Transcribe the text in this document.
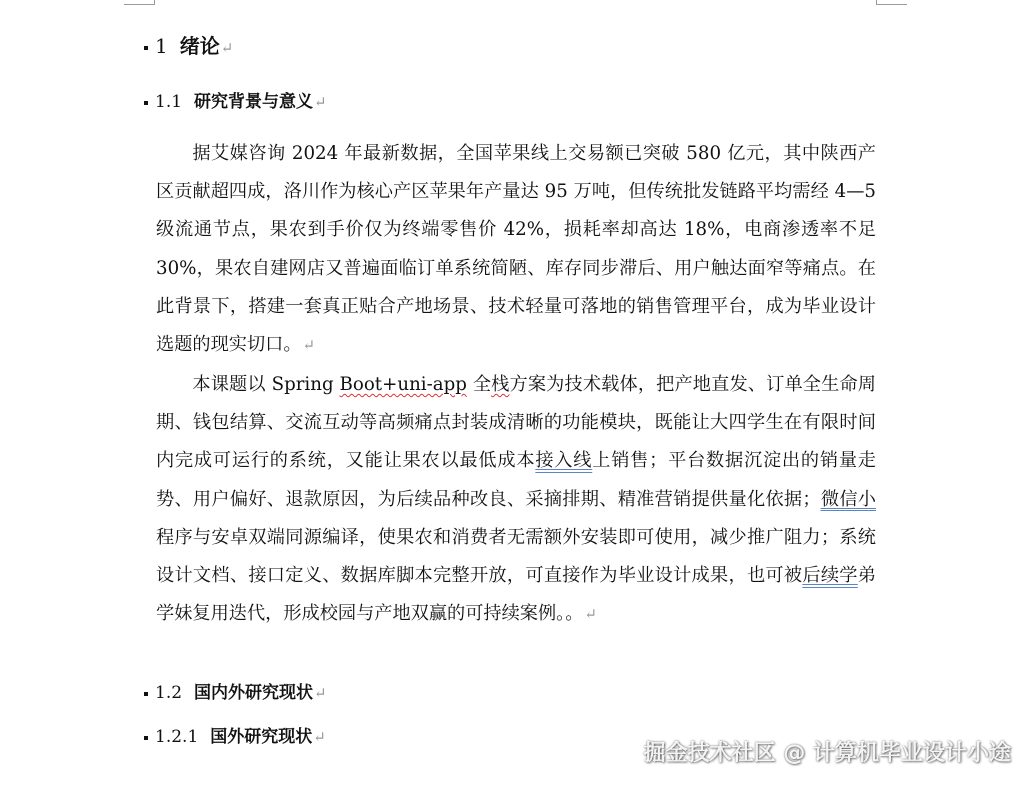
1 绪论↵
1.1 研究背景与意义↵

据艾媒咨询 2024 年最新数据，全国苹果线上交易额已突破 580 亿元，其中陕西产区贡献超四成，洛川作为核心产区苹果年产量达 95 万吨，但传统批发链路平均需经 4—5 级流通节点，果农到手价仅为终端零售价 42%，损耗率却高达 18%，电商渗透率不足 30%，果农自建网店又普遍面临订单系统简陋、库存同步滞后、用户触达面窄等痛点。在此背景下，搭建一套真正贴合产地场景、技术轻量可落地的销售管理平台，成为毕业设计选题的现实切口。↵

本课题以 Spring Boot+uni-app 全栈方案为技术载体，把产地直发、订单全生命周期、钱包结算、交流互动等高频痛点封装成清晰的功能模块，既能让大四学生在有限时间内完成可运行的系统，又能让果农以最低成本接入线上销售；平台数据沉淀出的销量走势、用户偏好、退款原因，为后续品种改良、采摘排期、精准营销提供量化依据；微信小程序与安卓双端同源编译，使果农和消费者无需额外安装即可使用，减少推广阻力；系统设计文档、接口定义、数据库脚本完整开放，可直接作为毕业设计成果，也可被后续学弟学妹复用迭代，形成校园与产地双赢的可持续案例。。↵

1.2 国内外研究现状↵
1.2.1 国外研究现状↵
掘金技术社区 @ 计算机毕业设计小途
